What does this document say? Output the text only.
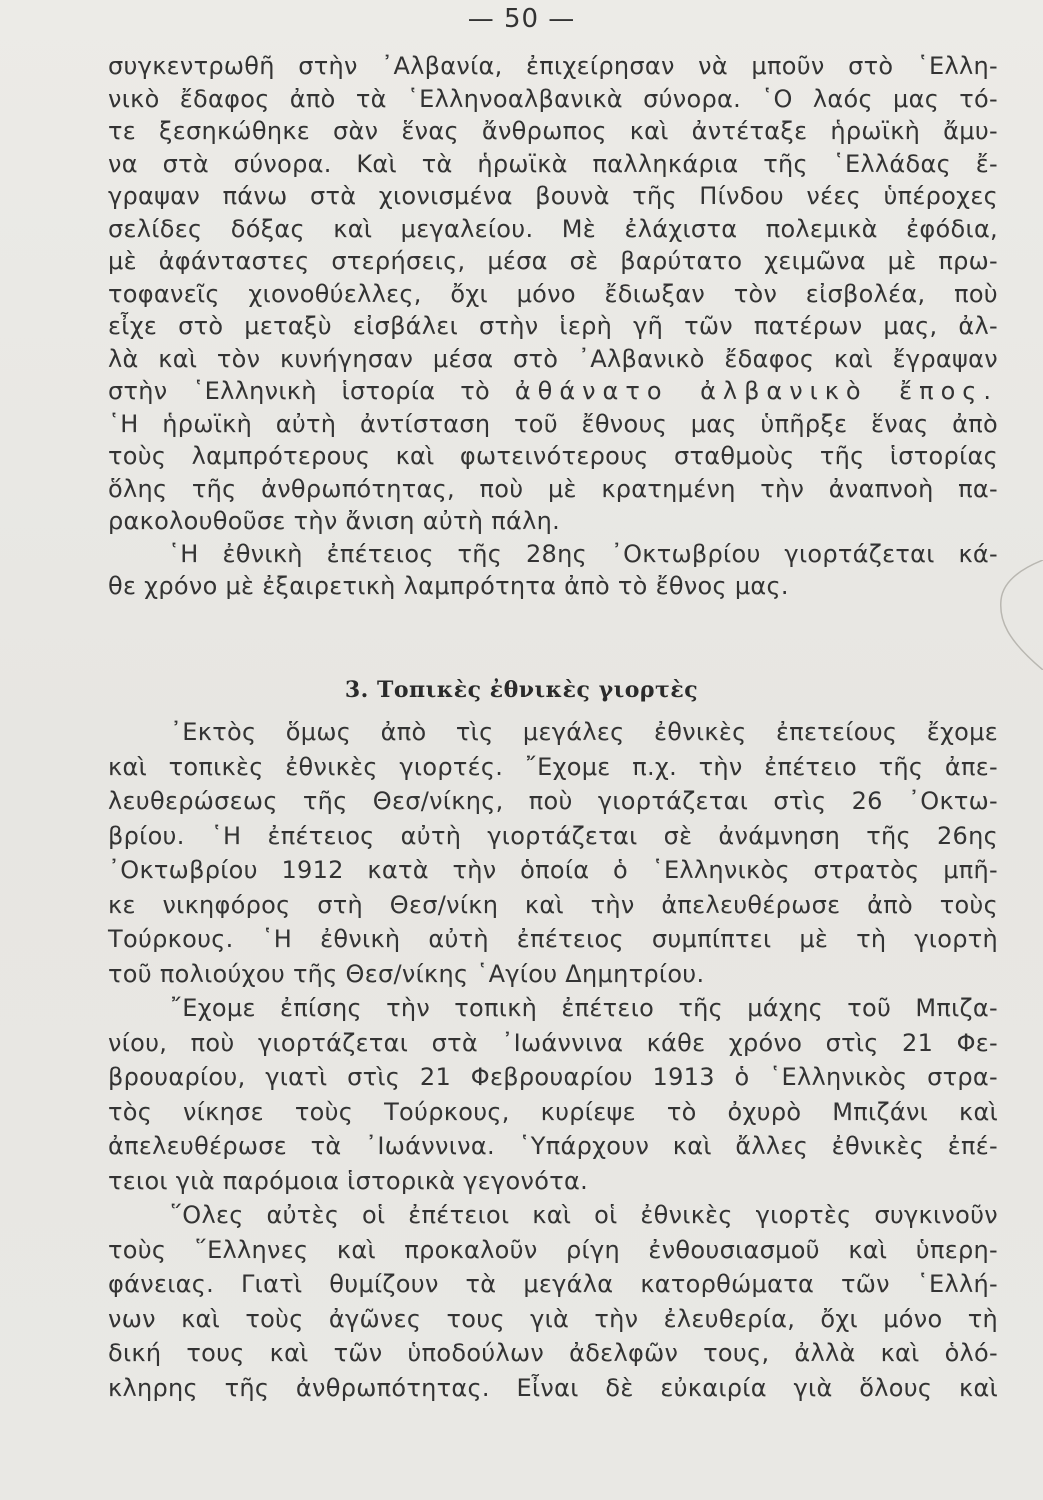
— 50 —
συγκεντρωθῆ στὴν ᾿Αλβανία, ἐπιχείρησαν νὰ μποῦν στὸ ῾Ελλη-
νικὸ ἔδαφος ἀπὸ τὰ ῾Ελληνοαλβανικὰ σύνορα. ῾Ο λαός μας τό-
τε ξεσηκώθηκε σὰν ἕνας ἄνθρωπος καὶ ἀντέταξε ἡρωϊκὴ ἄμυ-
να στὰ σύνορα. Καὶ τὰ ἡρωϊκὰ παλληκάρια τῆς ῾Ελλάδας ἔ-
γραψαν πάνω στὰ χιονισμένα βουνὰ τῆς Πίνδου νέες ὑπέροχες
σελίδες δόξας καὶ μεγαλείου. Μὲ ἐλάχιστα πολεμικὰ ἐφόδια,
μὲ ἀφάνταστες στερήσεις, μέσα σὲ βαρύτατο χειμῶνα μὲ πρω-
τοφανεῖς χιονοθύελλες, ὄχι μόνο ἔδιωξαν τὸν εἰσβολέα, ποὺ
εἶχε στὸ μεταξὺ εἰσβάλει στὴν ἱερὴ γῆ τῶν πατέρων μας, ἀλ-
λὰ καὶ τὸν κυνήγησαν μέσα στὸ ᾿Αλβανικὸ ἔδαφος καὶ ἔγραψαν
στὴν ῾Ελληνικὴ ἱστορία τὸ ἀθάνατο ἀλβανικὸ ἔπος.
῾Η ἡρωϊκὴ αὐτὴ ἀντίσταση τοῦ ἔθνους μας ὑπῆρξε ἕνας ἀπὸ
τοὺς λαμπρότερους καὶ φωτεινότερους σταθμοὺς τῆς ἱστορίας
ὅλης τῆς ἀνθρωπότητας, ποὺ μὲ κρατημένη τὴν ἀναπνοὴ πα-
ρακολουθοῦσε τὴν ἄνιση αὐτὴ πάλη.
῾Η ἐθνικὴ ἐπέτειος τῆς 28ης ᾿Οκτωβρίου γιορτάζεται κά-
θε χρόνο μὲ ἐξαιρετικὴ λαμπρότητα ἀπὸ τὸ ἔθνος μας.
3. Τοπικὲς ἐθνικὲς γιορτὲς
᾿Εκτὸς ὅμως ἀπὸ τὶς μεγάλες ἐθνικὲς ἐπετείους ἔχομε
καὶ τοπικὲς ἐθνικὲς γιορτές. ῎Εχομε π.χ. τὴν ἐπέτειο τῆς ἀπε-
λευθερώσεως τῆς Θεσ/νίκης, ποὺ γιορτάζεται στὶς 26 ᾿Οκτω-
βρίου. ῾Η ἐπέτειος αὐτὴ γιορτάζεται σὲ ἀνάμνηση τῆς 26ης
᾿Οκτωβρίου 1912 κατὰ τὴν ὁποία ὁ ῾Ελληνικὸς στρατὸς μπῆ-
κε νικηφόρος στὴ Θεσ/νίκη καὶ τὴν ἀπελευθέρωσε ἀπὸ τοὺς
Τούρκους. ῾Η ἐθνικὴ αὐτὴ ἐπέτειος συμπίπτει μὲ τὴ γιορτὴ
τοῦ πολιούχου τῆς Θεσ/νίκης ῾Αγίου Δημητρίου.
῎Εχομε ἐπίσης τὴν τοπικὴ ἐπέτειο τῆς μάχης τοῦ Μπιζα-
νίου, ποὺ γιορτάζεται στὰ ᾿Ιωάννινα κάθε χρόνο στὶς 21 Φε-
βρουαρίου, γιατὶ στὶς 21 Φεβρουαρίου 1913 ὁ ῾Ελληνικὸς στρα-
τὸς νίκησε τοὺς Τούρκους, κυρίεψε τὸ ὀχυρὸ Μπιζάνι καὶ
ἀπελευθέρωσε τὰ ᾿Ιωάννινα. ῾Υπάρχουν καὶ ἄλλες ἐθνικὲς ἐπέ-
τειοι γιὰ παρόμοια ἱστορικὰ γεγονότα.
῞Ολες αὐτὲς οἱ ἐπέτειοι καὶ οἱ ἐθνικὲς γιορτὲς συγκινοῦν
τοὺς ῞Ελληνες καὶ προκαλοῦν ρίγη ἐνθουσιασμοῦ καὶ ὑπερη-
φάνειας. Γιατὶ θυμίζουν τὰ μεγάλα κατορθώματα τῶν ῾Ελλή-
νων καὶ τοὺς ἀγῶνες τους γιὰ τὴν ἐλευθερία, ὄχι μόνο τὴ
δική τους καὶ τῶν ὑποδούλων ἀδελφῶν τους, ἀλλὰ καὶ ὁλό-
κληρης τῆς ἀνθρωπότητας. Εἶναι δὲ εὐκαιρία γιὰ ὅλους καὶ
